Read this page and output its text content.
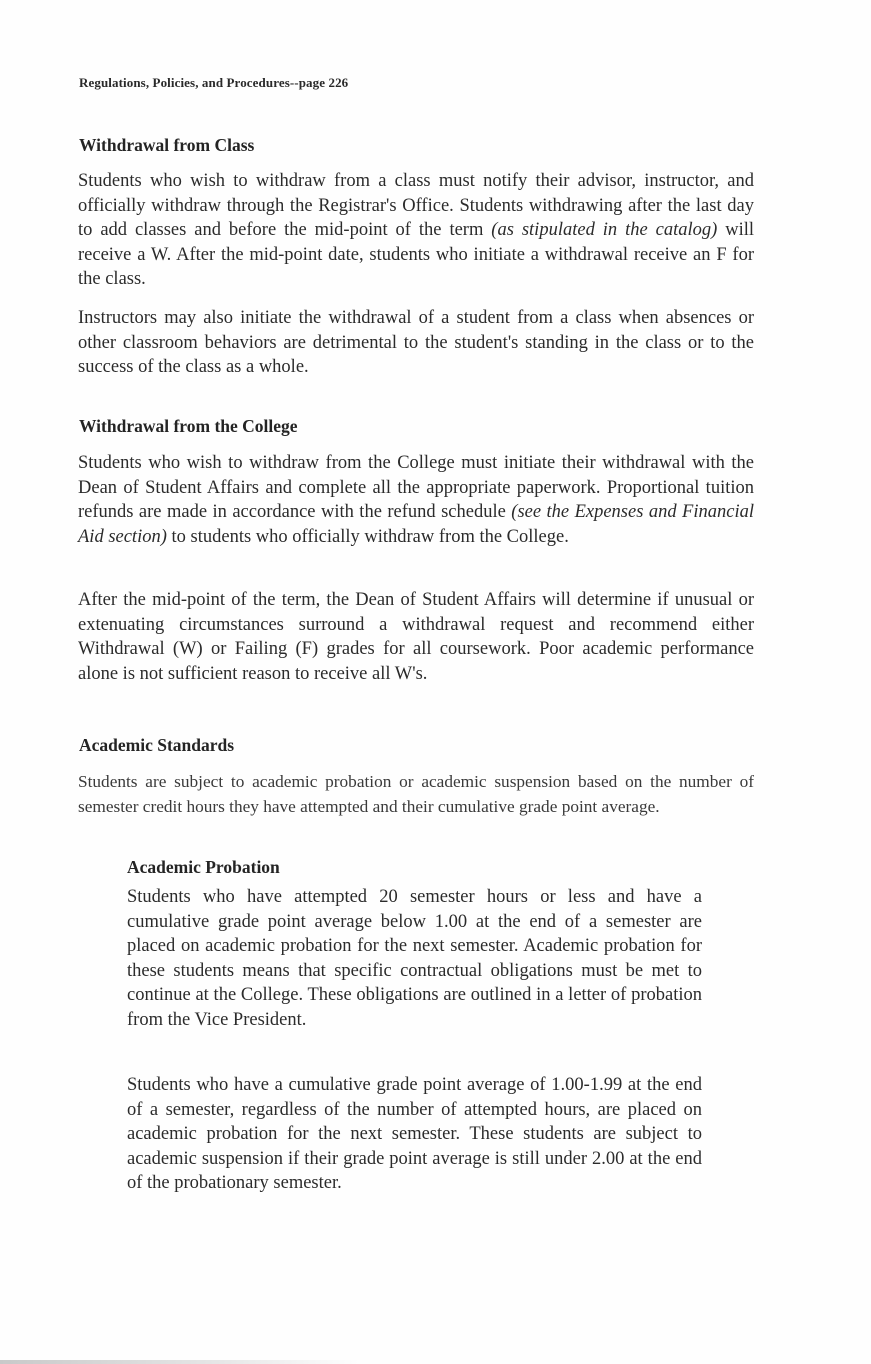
Regulations, Policies, and Procedures--page 226
Withdrawal from Class

Students who wish to withdraw from a class must notify their advisor, instructor, and officially withdraw through the Registrar's Office. Students withdrawing after the last day to add classes and before the mid-point of the term (as stipulated in the catalog) will receive a W. After the mid-point date, students who initiate a withdrawal receive an F for the class.

Instructors may also initiate the withdrawal of a student from a class when absences or other classroom behaviors are detrimental to the student's standing in the class or to the success of the class as a whole.

Withdrawal from the College

Students who wish to withdraw from the College must initiate their withdrawal with the Dean of Student Affairs and complete all the appropriate paperwork. Proportional tuition refunds are made in accordance with the refund schedule (see the Expenses and Financial Aid section) to students who officially withdraw from the College.

After the mid-point of the term, the Dean of Student Affairs will determine if unusual or extenuating circumstances surround a withdrawal request and recommend either Withdrawal (W) or Failing (F) grades for all coursework. Poor academic performance alone is not sufficient reason to receive all W's.

Academic Standards

Students are subject to academic probation or academic suspension based on the number of semester credit hours they have attempted and their cumulative grade point average.

Academic Probation

Students who have attempted 20 semester hours or less and have a cumulative grade point average below 1.00 at the end of a semester are placed on academic probation for the next semester. Academic probation for these students means that specific contractual obligations must be met to continue at the College. These obligations are outlined in a letter of probation from the Vice President.

Students who have a cumulative grade point average of 1.00-1.99 at the end of a semester, regardless of the number of attempted hours, are placed on academic probation for the next semester. These students are subject to academic suspension if their grade point average is still under 2.00 at the end of the probationary semester.
